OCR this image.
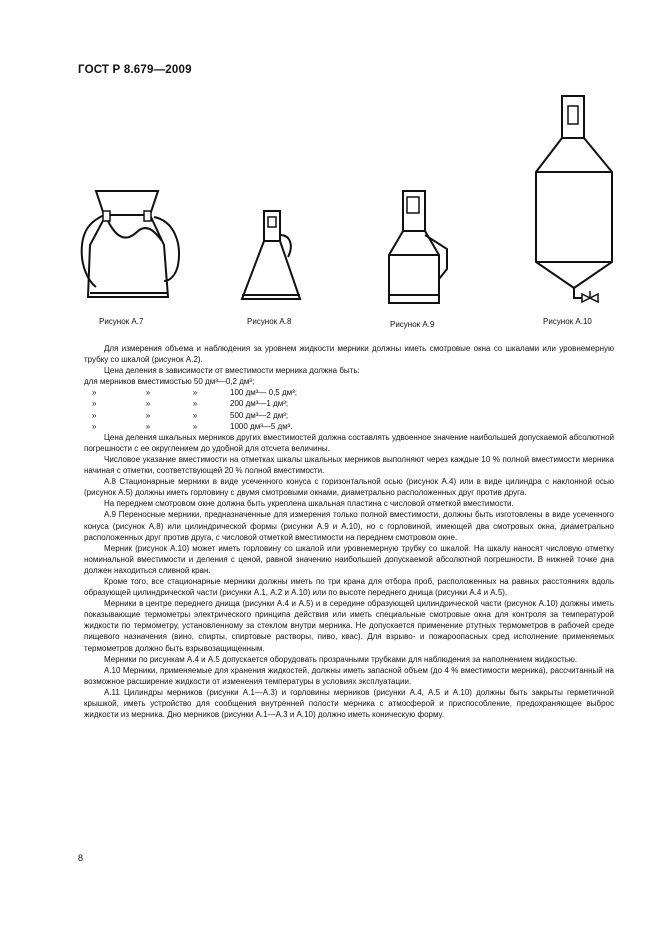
ГОСТ Р 8.679—2009
Рисунок А.7	Рисунок А.8	Рисунок А.9	Рисунок А.10

Для измерения объема и наблюдения за уровнем жидкости мерники должны иметь смотровые окна со шкалами или уровнемерную трубку со шкалой (рисунок А.2).

Цена деления в зависимости от вместимости мерника должна быть:

для мерников вместимостью 50 дм³—0,2 дм³;

»	»	»	100 дм³— 0,5 дм³;
»	»	»	200 дм³—1 дм³;
»	»	»	500 дм³—2 дм³;
»	»	»	1000 дм³—5 дм³.

Цена деления шкальных мерников других вместимостей должна составлять удвоенное значение наибольшей допускаемой абсолютной погрешности с ее округлением до удобной для отсчета величины.

Числовое указание вместимости на отметках шкалы шкальных мерников выполняют через каждые 10 % полной вместимости мерника начиная с отметки, соответствующей 20 % полной вместимости.

А.8 Стационарные мерники в виде усеченного конуса с горизонтальной осью (рисунок А.4) или в виде цилиндра с наклонной осью (рисунок А.5) должны иметь горловину с двумя смотровыми окнами, диаметрально расположенных друг против друга.

На переднем смотровом окне должна быть укреплена шкальная пластина с числовой отметкой вместимости.

А.9 Переносные мерники, предназначенные для измерения только полной вместимости, должны быть изготовлены в виде усеченного конуса (рисунок А.8) или цилиндрической формы (рисунки А.9 и А.10), но с горловиной, имеющей два смотровых окна, диаметрально расположенных друг против друга, с числовой отметкой вместимости на переднем смотровом окне.

Мерник (рисунок А.10) может иметь горловину со шкалой или уровнемерную трубку со шкалой. На шкалу наносят числовую отметку номинальной вместимости и деления с ценой, равной значению наибольшей допускаемой абсолютной погрешности. В нижней точке дна должен находиться сливной кран.

Кроме того, все стационарные мерники должны иметь по три крана для отбора проб, расположенных на равных расстояниях вдоль образующей цилиндрической части (рисунки А.1, А.2 и А.10) или по высоте переднего днища (рисунки А.4 и А.5).

Мерники в центре переднего днища (рисунки А.4 и А.5) и в середине образующей цилиндрической части (рисунок А.10) должны иметь показывающие термометры электрического принципа действия или иметь специальные смотровые окна для контроля за температурой жидкости по термометру, установленному за стеклом внутри мерника. Не допускается применение ртутных термометров в рабочей среде пищевого назначения (вино, спирты, спиртовые растворы, пиво, квас). Для взрыво- и пожароопасных сред исполнение применяемых термометров должно быть взрывозащищенным.

Мерники по рисункам А.4 и А.5 допускается оборудовать прозрачными трубками для наблюдения за наполнением жидкостью.

А.10 Мерники, применяемые для хранения жидкостей, должны иметь запасной объем (до 4 % вместимости мерника), рассчитанный на возможное расширение жидкости от изменения температуры в условиях эксплуатации.

А.11 Цилиндры мерников (рисунки А.1—А.3) и горловины мерников (рисунки А.4, А.5 и А.10) должны быть закрыты герметичной крышкой, иметь устройство для сообщения внутренней полости мерника с атмосферой и приспособление, предохраняющее выброс жидкости из мерника. Дно мерников (рисунки А.1—А.3 и А.10) должно иметь коническую форму.

8
